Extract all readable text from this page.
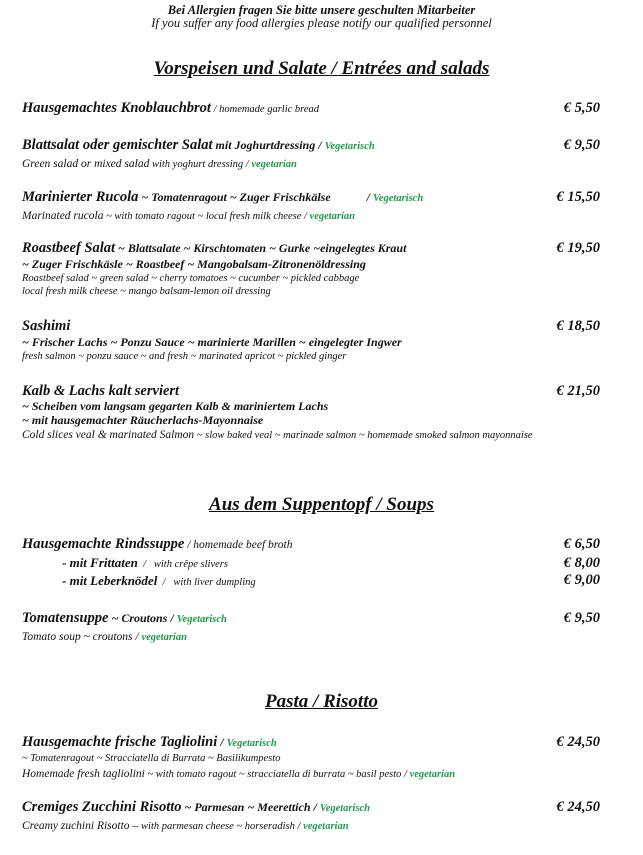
Bei Allergien fragen Sie bitte unsere geschulten Mitarbeiter
If you suffer any food allergies please notify our qualified personnel
Vorspeisen und Salate / Entrées and salads
Hausgemachtes Knoblauchbrot / homemade garlic bread	€ 5,50
Blattsalat oder gemischter Salat mit Joghurtdressing / Vegetarisch
Green salad or mixed salad with yoghurt dressing / vegetarian
€ 9,50
Marinierter Rucola ~ Tomatenragout ~ Zuger Frischkälse            / Vegetarisch
Marinated rucola ~ with tomato ragout ~ local fresh milk cheese / vegetarian
€ 15,50
Roastbeef Salat ~ Blattsalate ~ Kirschtomaten ~ Gurke ~eingelegtes Kraut
~ Zuger Frischkäsle ~ Roastbeef ~ Mangobalsam-Zitronenöldressing
Roastbeef salad ~ green salad ~ cherry tomatoes ~ cucumber ~ pickled cabbage
local fresh milk cheese ~ mango balsam-lemon oil dressing
€ 19,50
Sashimi
~ Frischer Lachs ~ Ponzu Sauce ~ marinierte Marillen ~ eingelegter Ingwer
fresh salmon ~ ponzu sauce ~ and fresh ~ marinated apricot ~ pickled ginger
€ 18,50
Kalb & Lachs kalt serviert
~ Scheiben vom langsam gegarten Kalb & mariniertem Lachs
~ mit hausgemachter Räucherlachs-Mayonnaise
Cold slices veal & marinated Salmon ~ slow baked veal ~ marinade salmon ~ homemade smoked salmon mayonnaise
€ 21,50
Aus dem Suppentopf / Soups
Hausgemachte Rindssuppe / homemade beef broth	€ 6,50
- mit Frittaten  /   with crêpe slivers	€ 8,00
- mit Leberknödel  /   with liver dumpling	€ 9,00
Tomatensuppe ~ Croutons / Vegetarisch
Tomato soup ~ croutons / vegetarian
€ 9,50
Pasta / Risotto
Hausgemachte frische Tagliolini / Vegetarisch
~ Tomatenragout ~ Stracciatella di Burrata ~ Basilikumpesto
Homemade fresh tagliolini ~ with tomato ragout ~ stracciatella di burrata ~ basil pesto / vegetarian
€ 24,50
Cremiges Zucchini Risotto ~ Parmesan ~ Meerettich / Vegetarisch
Creamy zuchini Risotto – with parmesan cheese ~ horseradish / vegetarian
€ 24,50
